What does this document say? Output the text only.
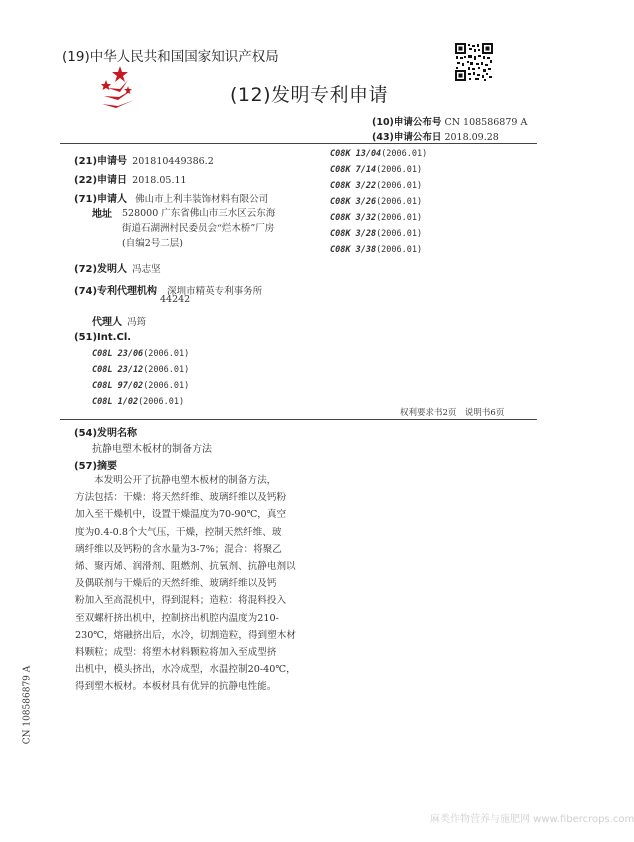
(19)中华人民共和国国家知识产权局
(12)发明专利申请
(10)申请公布号 CN 108586879 A
(43)申请公布日 2018.09.28
(21)申请号 201810449386.2
(22)申请日 2018.05.11
(71)申请人 佛山市上利丰装饰材料有限公司
地址 528000 广东省佛山市三水区云东海
街道石湖洲村民委员会“烂木桥”厂房
(自编2号二层)
(72)发明人 冯志坚
(74)专利代理机构 深圳市精英专利事务所
44242
代理人 冯筠
(51)Int.Cl.
C08L 23/06(2006.01)
C08L 23/12(2006.01)
C08L 97/02(2006.01)
C08L 1/02(2006.01)
C08K 13/04(2006.01)
C08K 7/14(2006.01)
C08K 3/22(2006.01)
C08K 3/26(2006.01)
C08K 3/32(2006.01)
C08K 3/28(2006.01)
C08K 3/38(2006.01)
权利要求书2页　说明书6页
(54)发明名称
抗静电塑木板材的制备方法
(57)摘要
本发明公开了抗静电塑木板材的制备方法，
方法包括：干燥：将天然纤维、玻璃纤维以及钙粉
加入至干燥机中，设置干燥温度为70-90℃，真空
度为0.4-0.8个大气压，干燥，控制天然纤维、玻
璃纤维以及钙粉的含水量为3-7%；混合：将聚乙
烯、聚丙烯、润滑剂、阻燃剂、抗氧剂、抗静电剂以
及偶联剂与干燥后的天然纤维、玻璃纤维以及钙
粉加入至高混机中，得到混料；造粒：将混料投入
至双螺杆挤出机中，控制挤出机腔内温度为210-
230℃，熔融挤出后，水冷，切割造粒，得到塑木材
料颗粒；成型：将塑木材料颗粒将加入至成型挤
出机中，模头挤出，水冷成型，水温控制20-40℃，
得到塑木板材。本板材具有优异的抗静电性能。
CN 108586879 A
麻类作物营养与施肥网 www.fibercrops.com
